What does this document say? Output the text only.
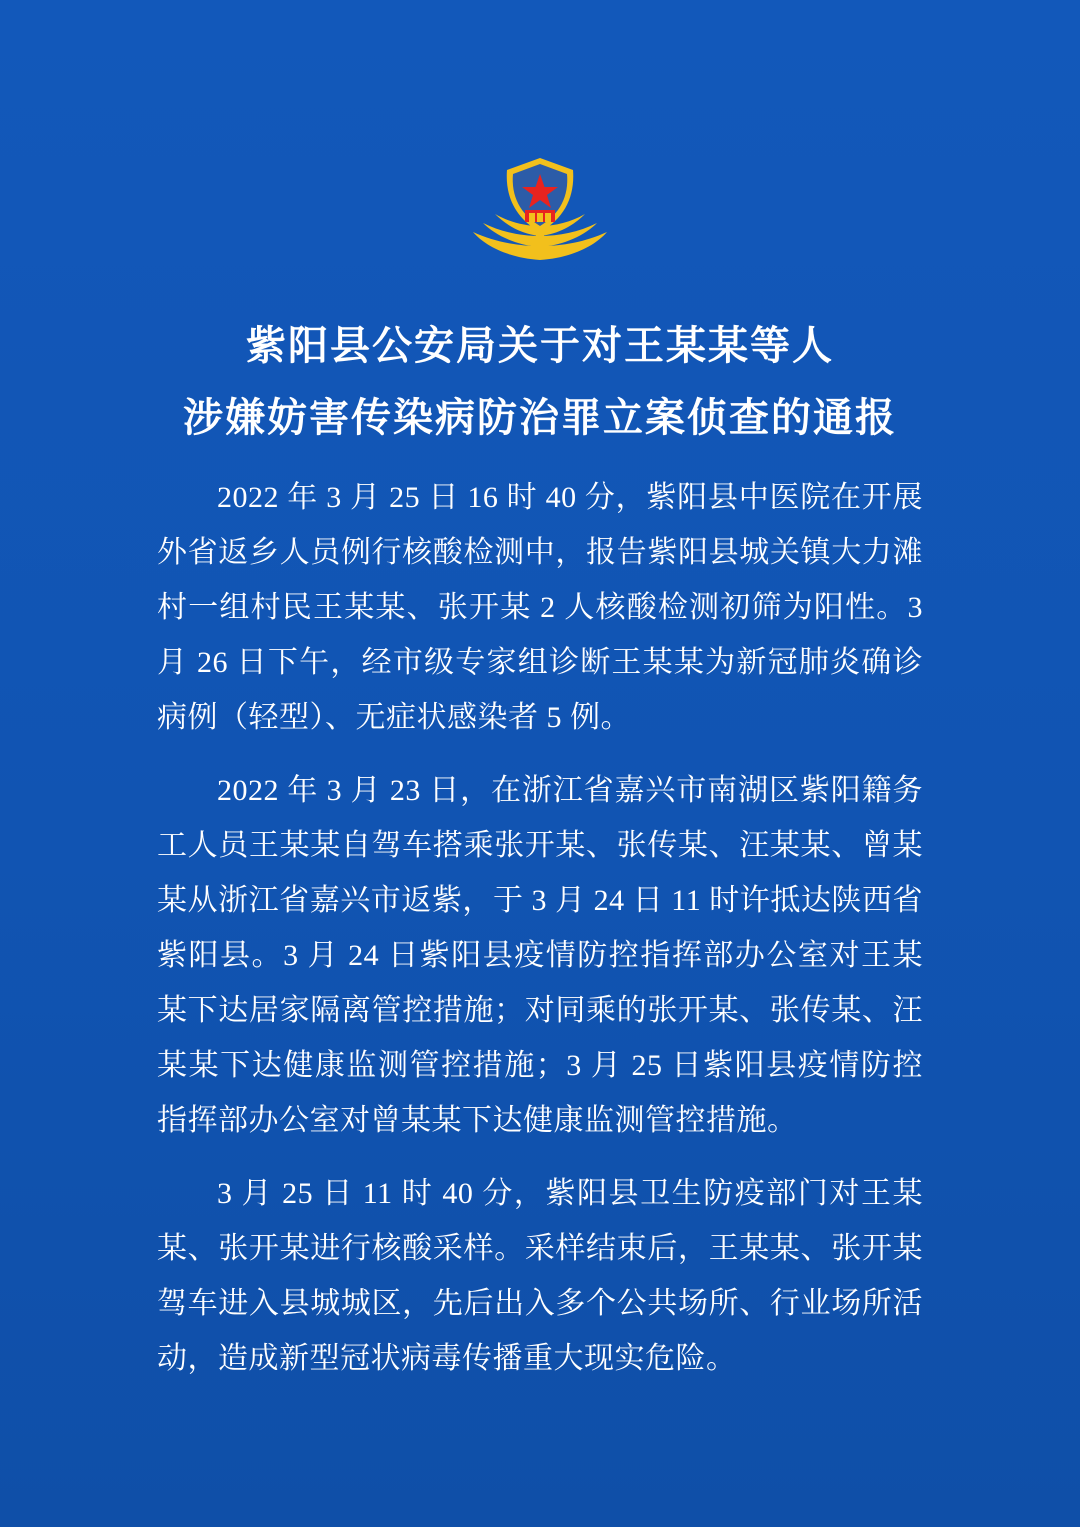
紫阳县公安局关于对王某某等人
涉嫌妨害传染病防治罪立案侦查的通报

2022 年 3 月 25 日 16 时 40 分，紫阳县中医院在开展外省返乡人员例行核酸检测中，报告紫阳县城关镇大力滩村一组村民王某某、张开某 2 人核酸检测初筛为阳性。3 月 26 日下午，经市级专家组诊断王某某为新冠肺炎确诊病例（轻型）、无症状感染者 5 例。

2022 年 3 月 23 日，在浙江省嘉兴市南湖区紫阳籍务工人员王某某自驾车搭乘张开某、张传某、汪某某、曾某某从浙江省嘉兴市返紫，于 3 月 24 日 11 时许抵达陕西省紫阳县。3 月 24 日紫阳县疫情防控指挥部办公室对王某某下达居家隔离管控措施；对同乘的张开某、张传某、汪某某下达健康监测管控措施；3 月 25 日紫阳县疫情防控指挥部办公室对曾某某下达健康监测管控措施。

3 月 25 日 11 时 40 分，紫阳县卫生防疫部门对王某某、张开某进行核酸采样。采样结束后，王某某、张开某驾车进入县城城区，先后出入多个公共场所、行业场所活动，造成新型冠状病毒传播重大现实危险。
